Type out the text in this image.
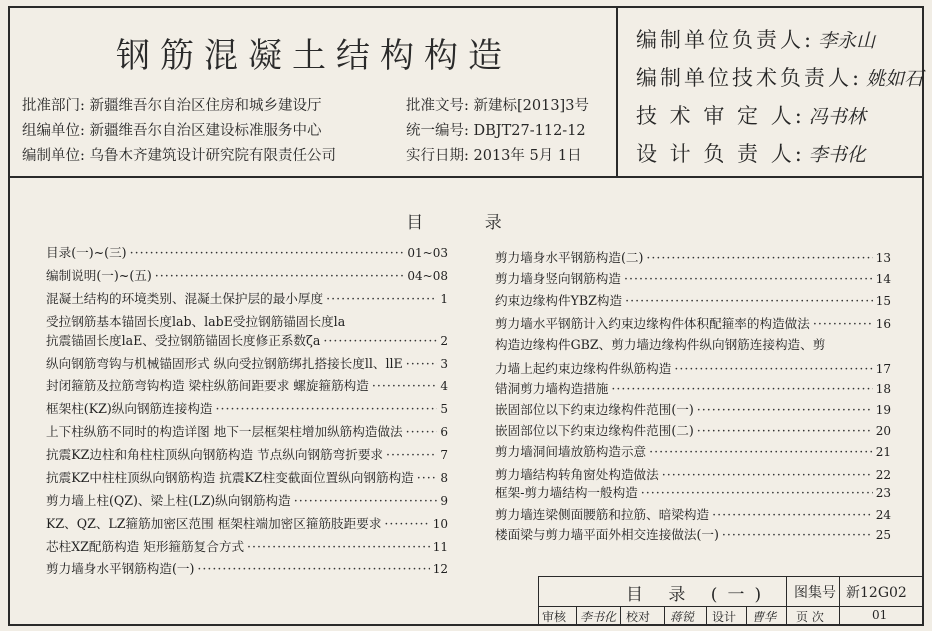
钢筋混凝土结构构造
批准部门: 新疆维吾尔自治区住房和城乡建设厅
组编单位: 新疆维吾尔自治区建设标准服务中心
编制单位: 乌鲁木齐建筑设计研究院有限责任公司
批准文号: 新建标[2013]3号
统一编号: DBJT27-112-12
实行日期: 2013年 5月 1日
编制单位负责人: 李永山
编制单位技术负责人: 姚如石
技 术 审 定 人: 冯书林
设 计 负 责 人: 李书化
目 录
目录(一)~(三) ·····	01~03
编制说明(一)~(五) ·····	04~08
混凝土结构的环境类别、混凝土保护层的最小厚度 ·····	1
受拉钢筋基本锚固长度lab、labE受拉钢筋锚固长度la
抗震锚固长度laE、受拉钢筋锚固长度修正系数ζa ·····	2
纵向钢筋弯钩与机械锚固形式 纵向受拉钢筋绑扎搭接长度ll、llE ·····	3
封闭箍筋及拉筋弯钩构造 梁柱纵筋间距要求 螺旋箍筋构造 ·····	4
框架柱(KZ)纵向钢筋连接构造 ·····	5
上下柱纵筋不同时的构造详图 地下一层框架柱增加纵筋构造做法 ·····	6
抗震KZ边柱和角柱柱顶纵向钢筋构造 节点纵向钢筋弯折要求 ·····	7
抗震KZ中柱柱顶纵向钢筋构造 抗震KZ柱变截面位置纵向钢筋构造 ····· 8
剪力墙上柱(QZ)、梁上柱(LZ)纵向钢筋构造 ·····	9
KZ、QZ、LZ箍筋加密区范围 框架柱端加密区箍筋肢距要求 ·····	10
芯柱XZ配筋构造 矩形箍筋复合方式 ·····	11
剪力墙身水平钢筋构造(一) ·····	12
剪力墙身水平钢筋构造(二) ·····	13
剪力墙身竖向钢筋构造 ·····	14
约束边缘构件YBZ构造 ·····	15
剪力墙水平钢筋计入约束边缘构件体积配箍率的构造做法 ·····	16
构造边缘构件GBZ、剪力墙边缘构件纵向钢筋连接构造、剪
力墙上起约束边缘构件纵筋构造 ·····	17
错洞剪力墙构造措施 ·····	18
嵌固部位以下约束边缘构件范围(一) ·····	19
嵌固部位以下约束边缘构件范围(二) ·····	20
剪力墙洞间墙放筋构造示意 ·····	21
剪力墙结构转角窗处构造做法 ·····	22
框架-剪力墙结构一般构造 ·····	23
剪力墙连梁侧面腰筋和拉筋、暗梁构造 ·····	24
楼面梁与剪力墙平面外相交连接做法(一) ·····	25
目 录 (一) 图集号 新12G02
审核 李书化 校对 蒋锐 设计 曹华 页 次	01
